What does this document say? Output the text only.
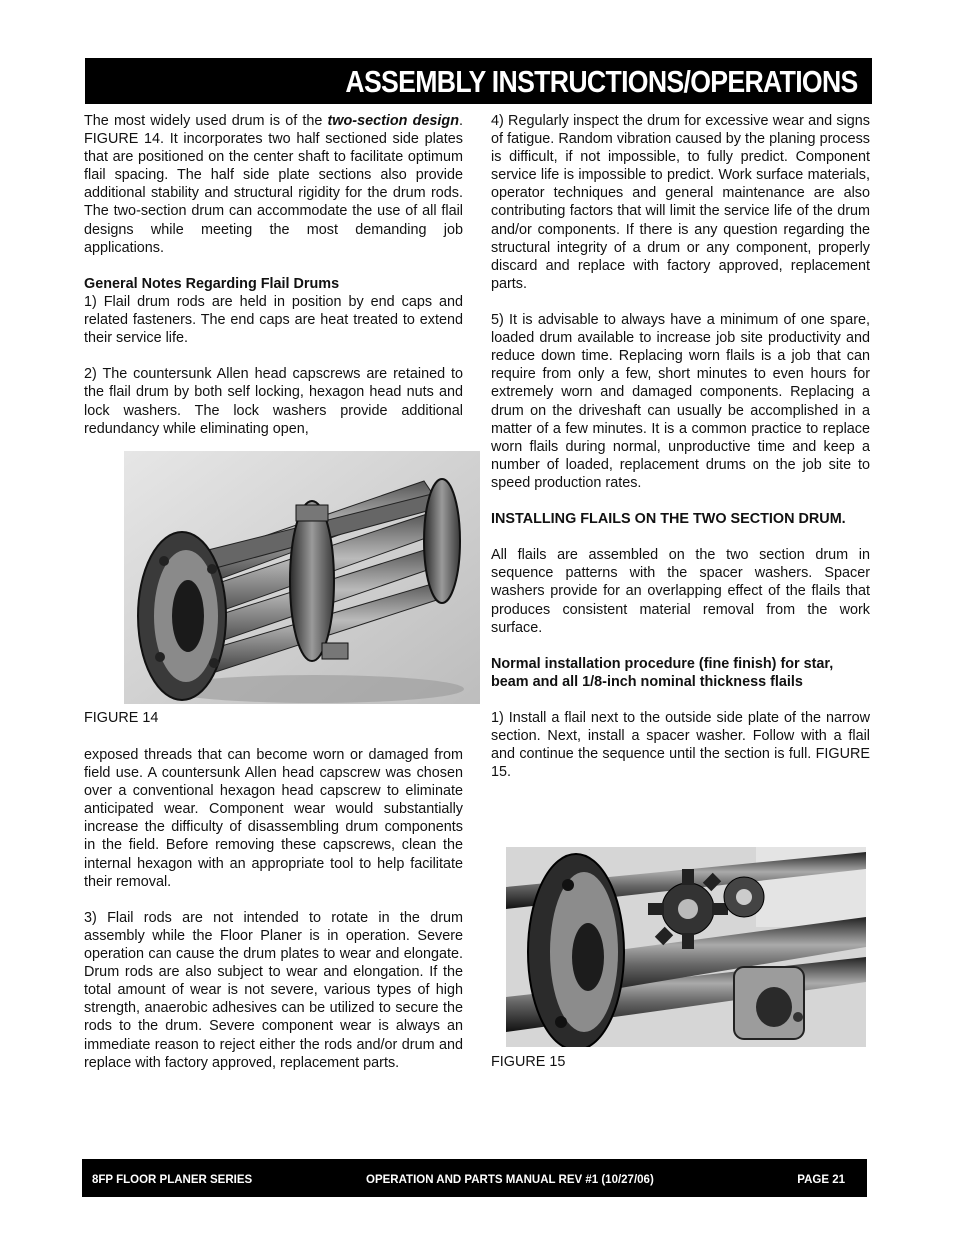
ASSEMBLY INSTRUCTIONS/OPERATIONS

The most widely used drum is of the two-section design. FIGURE 14. It incorporates two half sectioned side plates that are positioned on the center shaft to facilitate optimum flail spacing. The half side plate sections also provide additional stability and structural rigidity for the drum rods. The two-section drum can accommodate the use of all flail designs while meeting the most demanding job applications.

General Notes Regarding Flail Drums
1) Flail drum rods are held in position by end caps and related fasteners. The end caps are heat treated to extend their service life.

2) The countersunk Allen head capscrews are retained to the flail drum by both self locking, hexagon head nuts and lock washers. The lock washers provide additional redundancy while eliminating open,

FIGURE 14

exposed threads that can become worn or damaged from field use. A countersunk Allen head capscrew was chosen over a conventional hexagon head capscrew to eliminate anticipated wear. Component wear would substantially increase the difficulty of disassembling drum components in the field. Before removing these capscrews, clean the internal hexagon with an appropriate tool to help facilitate their removal.

3) Flail rods are not intended to rotate in the drum assembly while the Floor Planer is in operation. Severe operation can cause the drum plates to wear and elongate. Drum rods are also subject to wear and elongation. If the total amount of wear is not severe, various types of high strength, anaerobic adhesives can be utilized to secure the rods to the drum. Severe component wear is always an immediate reason to reject either the rods and/or drum and replace with factory approved, replacement parts.

4) Regularly inspect the drum for excessive wear and signs of fatigue. Random vibration caused by the planing process is difficult, if not impossible, to fully predict. Component service life is impossible to predict. Work surface materials, operator techniques and general maintenance are also contributing factors that will limit the service life of the drum and/or components. If there is any question regarding the structural integrity of a drum or any component, properly discard and replace with factory approved, replacement parts.

5) It is advisable to always have a minimum of one spare, loaded drum available to increase job site productivity and reduce down time. Replacing worn flails is a job that can require from only a few, short minutes to even hours for extremely worn and damaged components. Replacing a drum on the driveshaft can usually be accomplished in a matter of a few minutes. It is a common practice to replace worn flails during normal, unproductive time and keep a number of loaded, replacement drums on the job site to speed production rates.

INSTALLING FLAILS ON THE TWO SECTION DRUM.

All flails are assembled on the two section drum in sequence patterns with the spacer washers. Spacer washers provide for an overlapping effect of the flails that produces consistent material removal from the work surface.

Normal installation procedure (fine finish) for star, beam and all 1/8-inch nominal thickness flails

1) Install a flail next to the outside side plate of the narrow section. Next, install a spacer washer. Follow with a flail and continue the sequence until the section is full. FIGURE 15.

FIGURE 15
8FP FLOOR PLANER SERIES	OPERATION AND PARTS MANUAL REV #1 (10/27/06)	PAGE 21
